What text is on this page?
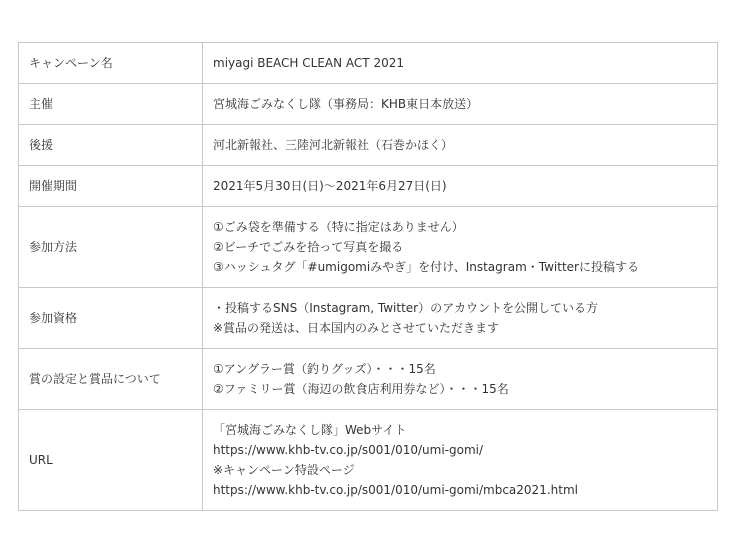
キャンペーン名	miyagi BEACH CLEAN ACT 2021

主催	宮城海ごみなくし隊（事務局：KHB東日本放送）

後援	河北新報社、三陸河北新報社（石巻かほく）

開催期間	2021年5月30日(日)～2021年6月27日(日)

参加方法	①ごみ袋を準備する（特に指定はありません）
②ビーチでごみを拾って写真を撮る
③ハッシュタグ「#umigomiみやぎ」を付け、Instagram・Twitterに投稿する

参加資格	・投稿するSNS（Instagram, Twitter）のアカウントを公開している方
※賞品の発送は、日本国内のみとさせていただきます

賞の設定と賞品について	①アングラー賞（釣りグッズ）・・・15名
②ファミリー賞（海辺の飲食店利用券など）・・・15名

URL	「宮城海ごみなくし隊」Webサイト
https://www.khb-tv.co.jp/s001/010/umi-gomi/
※キャンペーン特設ページ
https://www.khb-tv.co.jp/s001/010/umi-gomi/mbca2021.html
